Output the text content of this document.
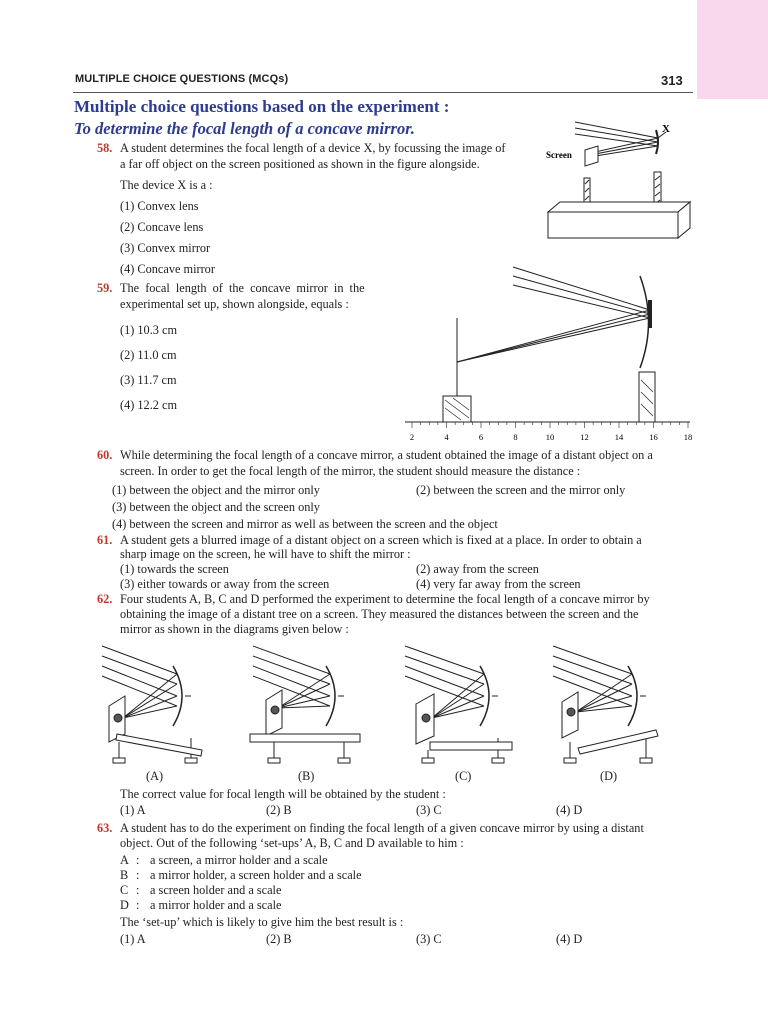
MULTIPLE CHOICE QUESTIONS (MCQs)	313
Multiple choice questions based on the experiment :
To determine the focal length of a concave mirror.
58. A student determines the focal length of a device X, by focussing the image of
a far off object on the screen positioned as shown in the figure alongside.
The device X is a :
(1) Convex lens
(2) Concave lens
(3) Convex mirror
(4) Concave mirror
Screen
X
59. The focal length of the concave mirror in the
experimental set up, shown alongside, equals :
(1) 10.3 cm
(2) 11.0 cm
(3) 11.7 cm
(4) 12.2 cm
2	4	6	8	10	12	14	16	18
60. While determining the focal length of a concave mirror, a student obtained the image of a distant object on a
screen. In order to get the focal length of the mirror, the student should measure the distance :
(1) between the object and the mirror only	(2) between the screen and the mirror only
(3) between the object and the screen only
(4) between the screen and mirror as well as between the screen and the object
61. A student gets a blurred image of a distant object on a screen which is fixed at a place. In order to obtain a
sharp image on the screen, he will have to shift the mirror :
(1) towards the screen	(2) away from the screen
(3) either towards or away from the screen	(4) very far away from the screen
62. Four students A, B, C and D performed the experiment to determine the focal length of a concave mirror by
obtaining the image of a distant tree on a screen. They measured the distances between the screen and the
mirror as shown in the diagrams given below :
(A)	(B)	(C)	(D)
The correct value for focal length will be obtained by the student :
(1) A	(2) B	(3) C	(4) D
63. A student has to do the experiment on finding the focal length of a given concave mirror by using a distant
object. Out of the following ‘set-ups’ A, B, C and D available to him :
A : a screen, a mirror holder and a scale
B : a mirror holder, a screen holder and a scale
C : a screen holder and a scale
D : a mirror holder and a scale
The ‘set-up’ which is likely to give him the best result is :
(1) A	(2) B	(3) C	(4) D
